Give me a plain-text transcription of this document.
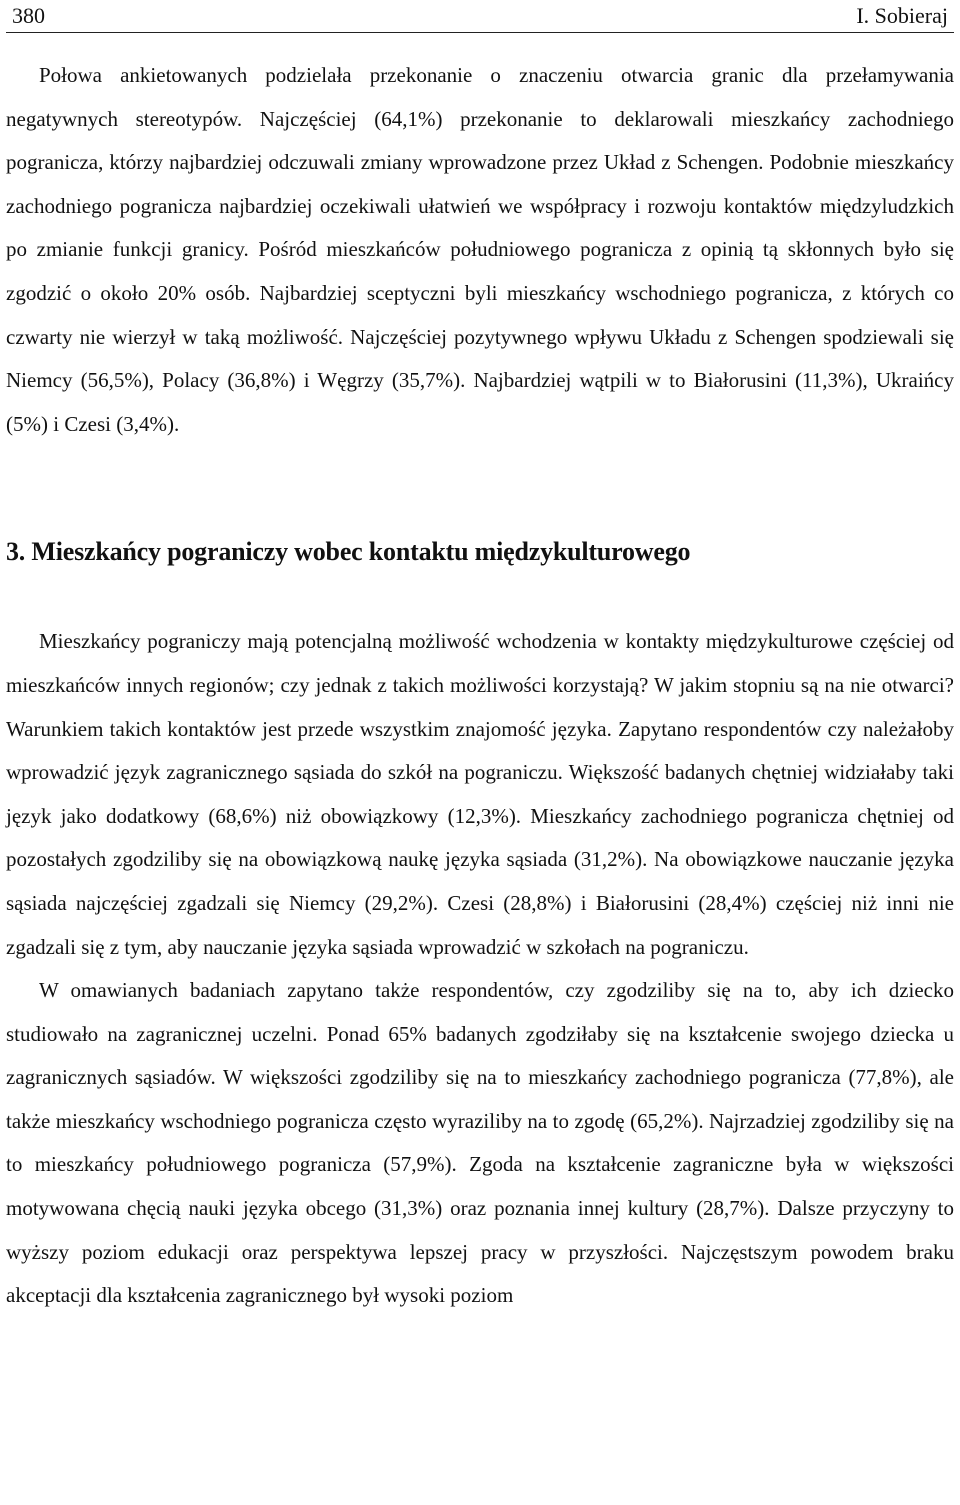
380	I. Sobieraj

Połowa ankietowanych podzielała przekonanie o znaczeniu otwarcia granic dla przełamywania negatywnych stereotypów. Najczęściej (64,1%) przekonanie to deklarowali mieszkańcy zachodniego pogranicza, którzy najbardziej odczuwali zmiany wprowadzone przez Układ z Schengen. Podobnie mieszkańcy zachodniego pogranicza najbardziej oczekiwali ułatwień we współpracy i rozwoju kontaktów międzyludzkich po zmianie funkcji granicy. Pośród mieszkańców południowego pogranicza z opinią tą skłonnych było się zgodzić o około 20% osób. Najbardziej sceptyczni byli mieszkańcy wschodniego pogranicza, z których co czwarty nie wierzył w taką możliwość. Najczęściej pozytywnego wpływu Układu z Schengen spodziewali się Niemcy (56,5%), Polacy (36,8%) i Węgrzy (35,7%). Najbardziej wątpili w to Białorusini (11,3%), Ukraińcy (5%) i Czesi (3,4%).

3. Mieszkańcy pograniczy wobec kontaktu międzykulturowego

Mieszkańcy pograniczy mają potencjalną możliwość wchodzenia w kontakty międzykulturowe częściej od mieszkańców innych regionów; czy jednak z takich możliwości korzystają? W jakim stopniu są na nie otwarci? Warunkiem takich kontaktów jest przede wszystkim znajomość języka. Zapytano respondentów czy należałoby wprowadzić język zagranicznego sąsiada do szkół na pograniczu. Większość badanych chętniej widziałaby taki język jako dodatkowy (68,6%) niż obowiązkowy (12,3%). Mieszkańcy zachodniego pogranicza chętniej od pozostałych zgodziliby się na obowiązkową naukę języka sąsiada (31,2%). Na obowiązkowe nauczanie języka sąsiada najczęściej zgadzali się Niemcy (29,2%). Czesi (28,8%) i Białorusini (28,4%) częściej niż inni nie zgadzali się z tym, aby nauczanie języka sąsiada wprowadzić w szkołach na pograniczu.

W omawianych badaniach zapytano także respondentów, czy zgodziliby się na to, aby ich dziecko studiowało na zagranicznej uczelni. Ponad 65% badanych zgodziłaby się na kształcenie swojego dziecka u zagranicznych sąsiadów. W większości zgodziliby się na to mieszkańcy zachodniego pogranicza (77,8%), ale także mieszkańcy wschodniego pogranicza często wyraziliby na to zgodę (65,2%). Najrzadziej zgodziliby się na to mieszkańcy południowego pogranicza (57,9%). Zgoda na kształcenie zagraniczne była w większości motywowana chęcią nauki języka obcego (31,3%) oraz poznania innej kultury (28,7%). Dalsze przyczyny to wyższy poziom edukacji oraz perspektywa lepszej pracy w przyszłości. Najczęstszym powodem braku akceptacji dla kształcenia zagranicznego był wysoki poziom
